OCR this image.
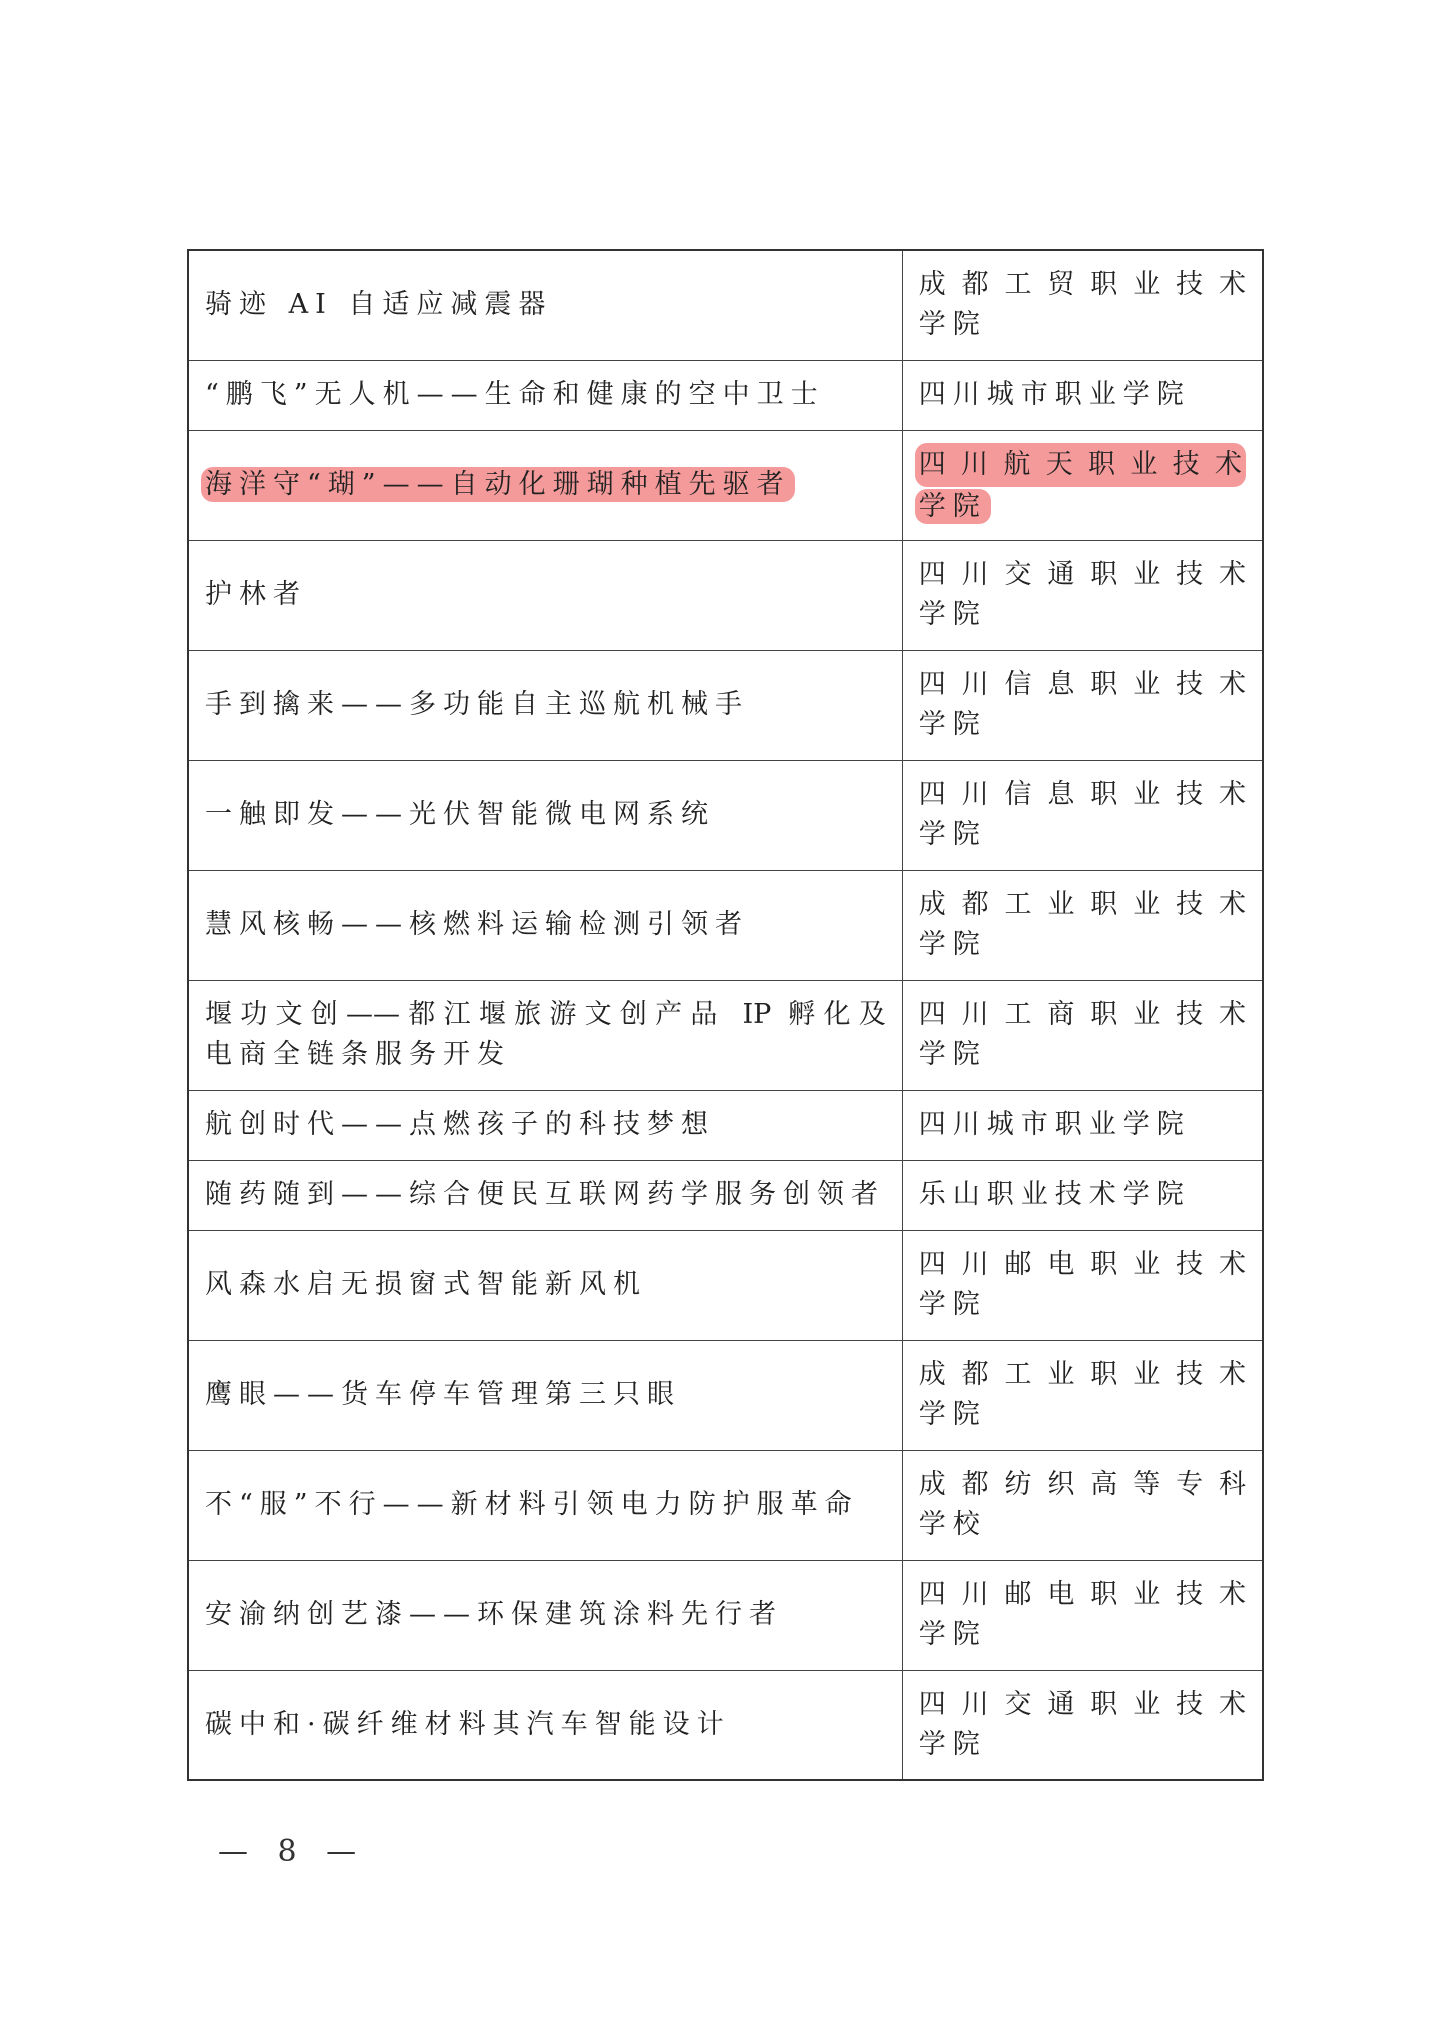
骑迹 AI 自适应减震器	成都工贸职业技术
学院

“鹏飞”无人机——生命和健康的空中卫士	四川城市职业学院

海洋守“瑚”——自动化珊瑚种植先驱者	四川航天职业技术
学院

护林者	四川交通职业技术
学院

手到擒来——多功能自主巡航机械手	四川信息职业技术
学院

一触即发——光伏智能微电网系统	四川信息职业技术
学院

慧风核畅——核燃料运输检测引领者	成都工业职业技术
学院

堰功文创——都江堰旅游文创产品 IP 孵化及
电商全链条服务开发	四川工商职业技术
学院

航创时代——点燃孩子的科技梦想	四川城市职业学院

随药随到——综合便民互联网药学服务创领者	乐山职业技术学院

风森水启无损窗式智能新风机	四川邮电职业技术
学院

鹰眼——货车停车管理第三只眼	成都工业职业技术
学院

不“服”不行——新材料引领电力防护服革命	成都纺织高等专科
学校

安渝纳创艺漆——环保建筑涂料先行者	四川邮电职业技术
学院

碳中和·碳纤维材料其汽车智能设计	四川交通职业技术
学院
— 8 —
